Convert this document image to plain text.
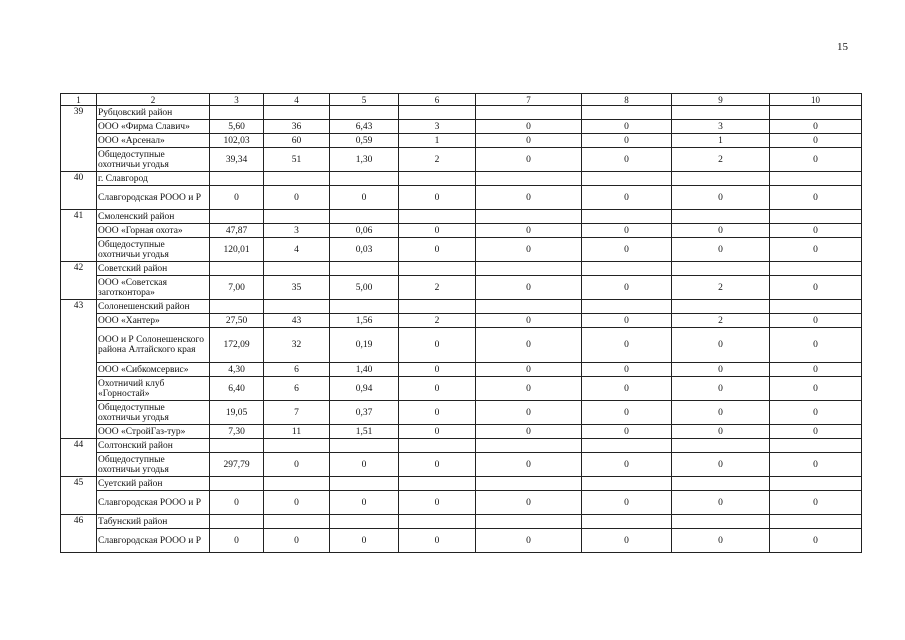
15
1	2	3	4	5	6	7	8	9	10
39	Рубцовский район								
	ООО «Фирма Славич»	5,60	36	6,43	3	0	0	3	0
	ООО «Арсенал»	102,03	60	0,59	1	0	0	1	0
	Общедоступные охотничьи угодья	39,34	51	1,30	2	0	0	2	0
40	г. Славгород								
	Славгородская РООО и Р	0	0	0	0	0	0	0	0
41	Смоленский район								
	ООО «Горная охота»	47,87	3	0,06	0	0	0	0	0
	Общедоступные охотничьи угодья	120,01	4	0,03	0	0	0	0	0
42	Советский район								
	ООО «Советская заготконтора»	7,00	35	5,00	2	0	0	2	0
43	Солонешенский район								
	ООО «Хантер»	27,50	43	1,56	2	0	0	2	0
	ООО и Р Солонешенского района Алтайского края	172,09	32	0,19	0	0	0	0	0
	ООО «Сибкомсервис»	4,30	6	1,40	0	0	0	0	0
	Охотничий клуб «Горностай»	6,40	6	0,94	0	0	0	0	0
	Общедоступные охотничьи угодья	19,05	7	0,37	0	0	0	0	0
	ООО «СтройГаз-тур»	7,30	11	1,51	0	0	0	0	0
44	Солтонский район								
	Общедоступные охотничьи угодья	297,79	0	0	0	0	0	0	0
45	Суетский район								
	Славгородская РООО и Р	0	0	0	0	0	0	0	0
46	Табунский район								
	Славгородская РООО и Р	0	0	0	0	0	0	0	0
